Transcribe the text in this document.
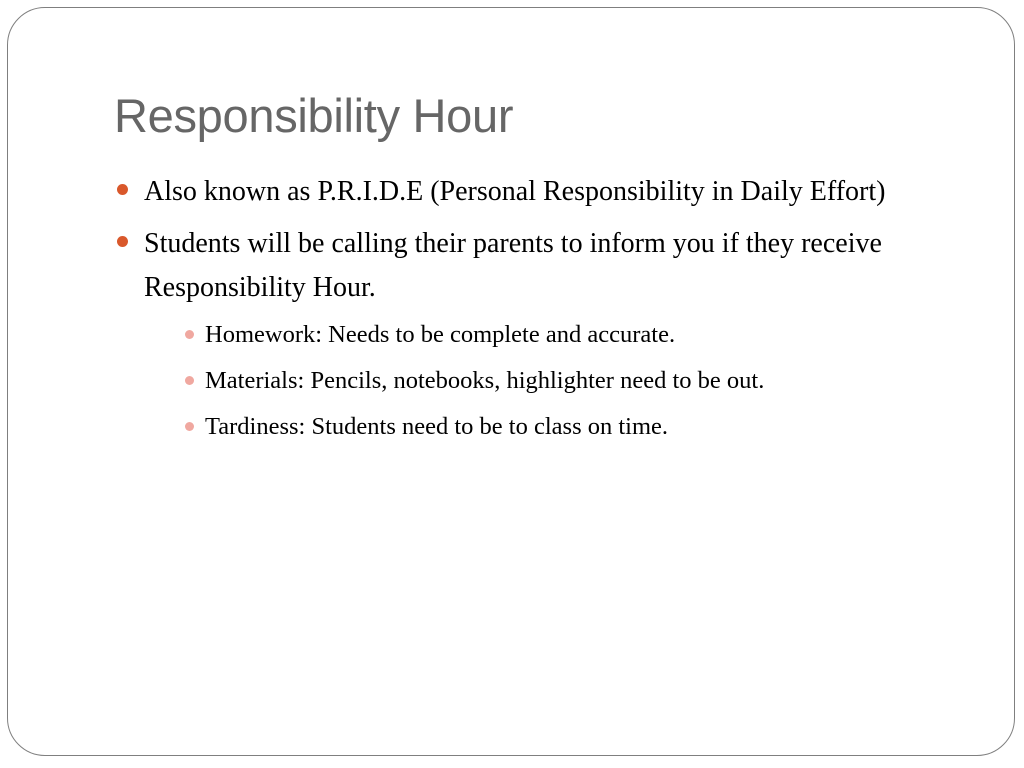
Responsibility Hour
Also known as P.R.I.D.E (Personal Responsibility in Daily Effort)
Students will be calling their parents to inform you if they receive Responsibility Hour.
Homework: Needs to be complete and accurate.
Materials: Pencils, notebooks, highlighter need to be out.
Tardiness: Students need to be to class on time.
